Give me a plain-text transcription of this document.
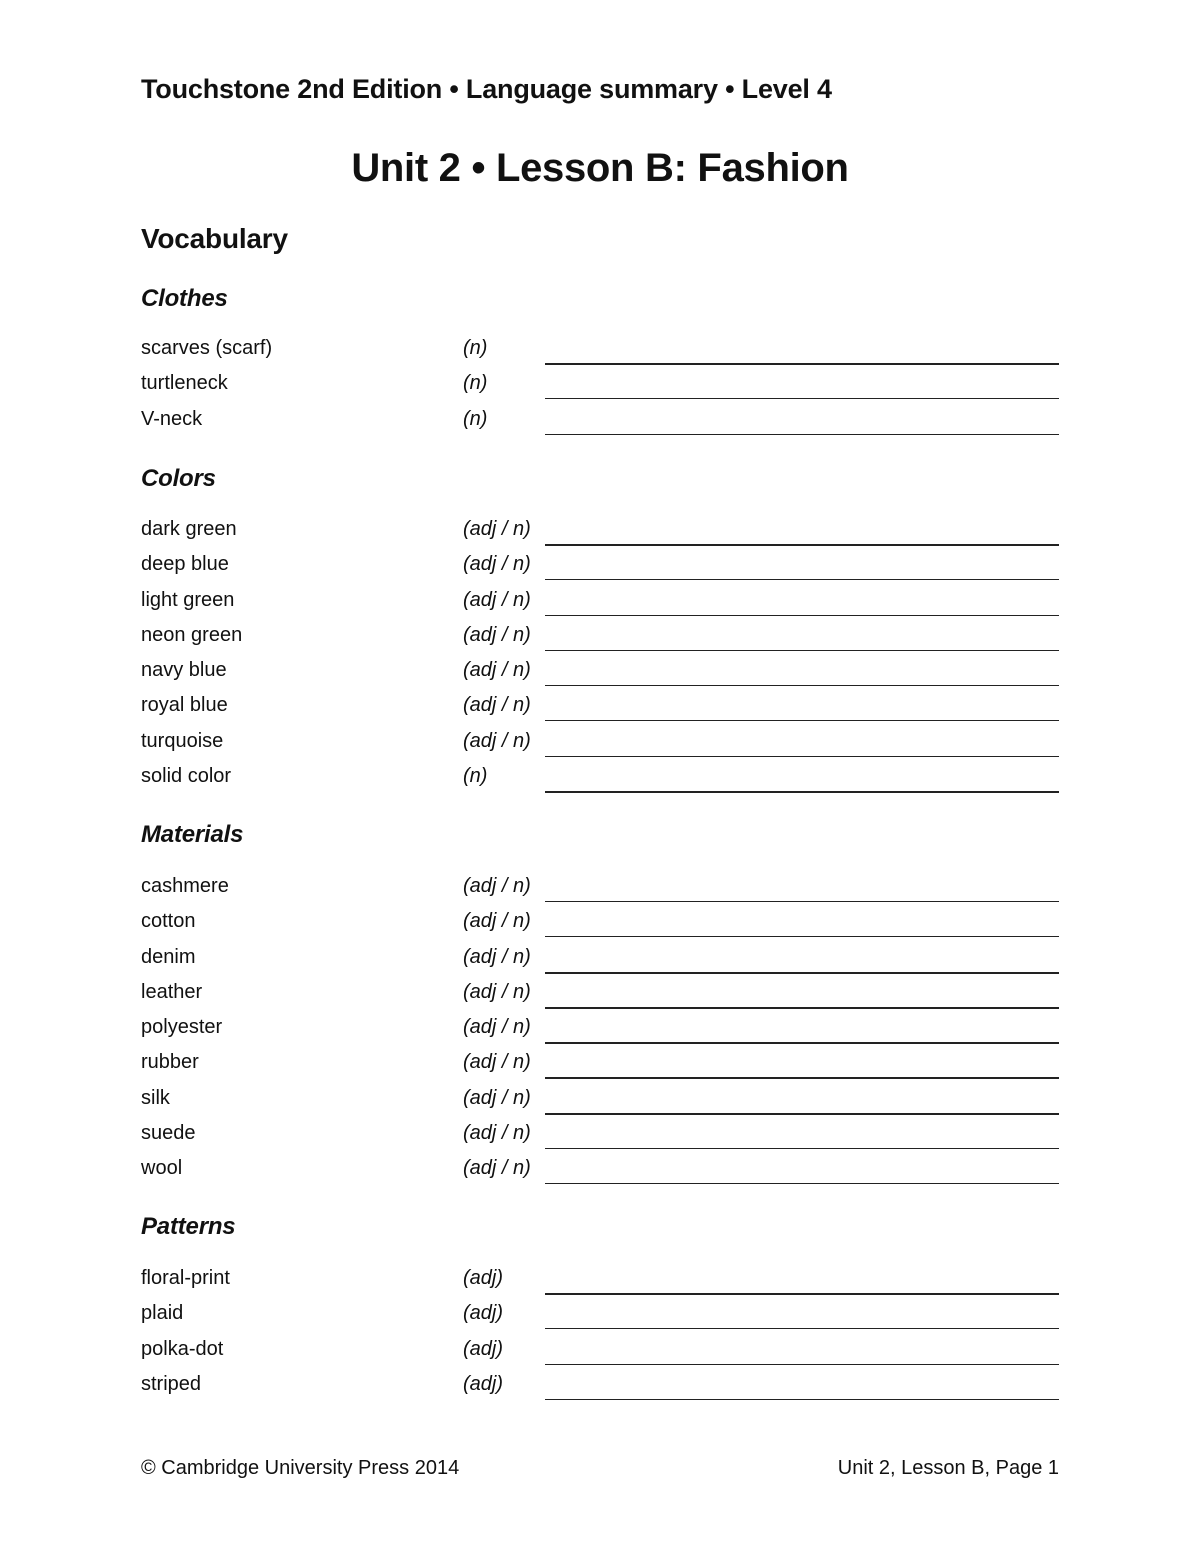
Touchstone 2nd Edition • Language summary • Level 4
Unit 2 • Lesson B: Fashion
Vocabulary
Clothes
scarves (scarf)	(n)
turtleneck	(n)
V-neck	(n)
Colors
dark green	(adj / n)
deep blue	(adj / n)
light green	(adj / n)
neon green	(adj / n)
navy blue	(adj / n)
royal blue	(adj / n)
turquoise	(adj / n)
solid color	(n)
Materials
cashmere	(adj / n)
cotton	(adj / n)
denim	(adj / n)
leather	(adj / n)
polyester	(adj / n)
rubber	(adj / n)
silk	(adj / n)
suede	(adj / n)
wool	(adj / n)
Patterns
floral-print	(adj)
plaid	(adj)
polka-dot	(adj)
striped	(adj)
© Cambridge University Press 2014	Unit 2, Lesson B, Page 1
